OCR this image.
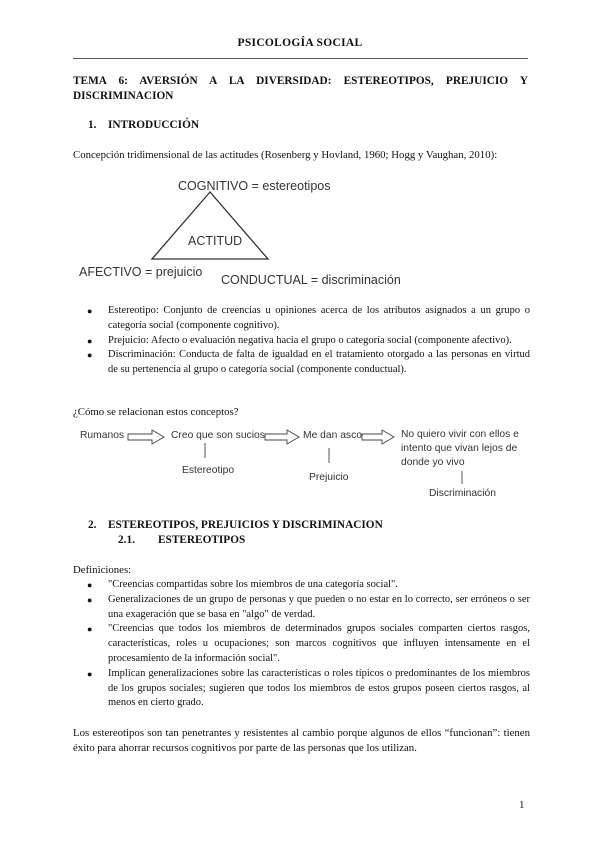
PSICOLOGÍA SOCIAL
TEMA 6: AVERSIÓN A LA DIVERSIDAD: ESTEREOTIPOS, PREJUICIO Y
DISCRIMINACION
1. INTRODUCCIÓN
Concepción tridimensional de las actitudes (Rosenberg y Hovland, 1960; Hogg y Vaughan, 2010):
COGNITIVO = estereotipos
ACTITUD
AFECTIVO = prejuicio
CONDUCTUAL = discriminación
● Estereotipo: Conjunto de creencias u opiniones acerca de los atributos asignados a un grupo o categoría social (componente cognitivo).
● Prejuicio: Afecto o evaluación negativa hacia el grupo o categoría social (componente afectivo).
● Discriminación: Conducta de falta de igualdad en el tratamiento otorgado a las personas en virtud de su pertenencia al grupo o categoría social (componente conductual).
¿Cómo se relacionan estos conceptos?
Rumanos	Creo que son sucios	Me dan asco	No quiero vivir con ellos e
intento que vivan lejos de
donde yo vivo
Estereotipo
Prejuicio
Discriminación
2. ESTEREOTIPOS, PREJUICIOS Y DISCRIMINACION
2.1. ESTEREOTIPOS
Definiciones:
● "Creencias compartidas sobre los miembros de una categoría social".
● Generalizaciones de un grupo de personas y que pueden o no estar en lo correcto, ser erróneos o ser una exageración que se basa en "algo" de verdad.
● "Creencias que todos los miembros de determinados grupos sociales comparten ciertos rasgos, características, roles u ocupaciones; son marcos cognitivos que influyen intensamente en el procesamiento de la información social".
● Implican generalizaciones sobre las características o roles típicos o predominantes de los miembros de los grupos sociales; sugieren que todos los miembros de estos grupos poseen ciertos rasgos, al menos en cierto grado.
Los estereotipos son tan penetrantes y resistentes al cambio porque algunos de ellos “funcionan”: tienen éxito para ahorrar recursos cognitivos por parte de las personas que los utilizan.
1
